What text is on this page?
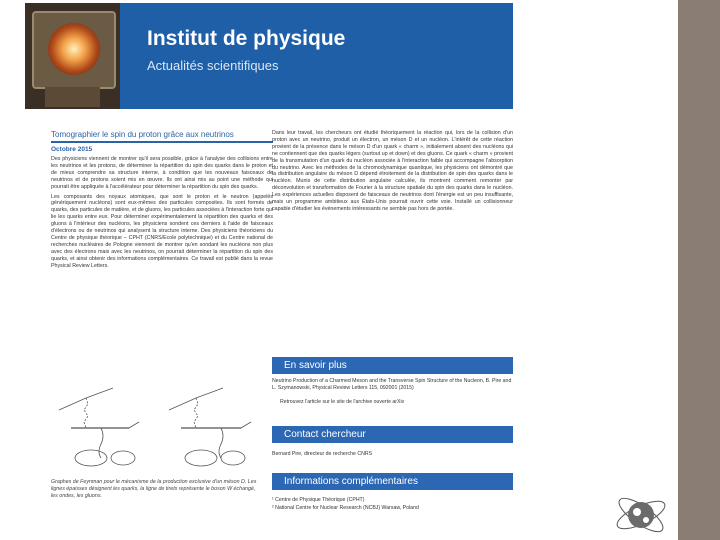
Institut de physique
Actualités scientifiques
Tomographier le spin du proton grâce aux neutrinos
Octobre 2015

Des physiciens viennent de montrer qu'il sera possible, grâce à l'analyse des collisions entre les neutrinos et les protons, de déterminer la répartition du spin des quarks dans le proton et de mieux comprendre sa structure interne, à condition que les nouveaux faisceaux de neutrinos et de protons soient mis en œuvre. Ils ont ainsi mis au point une méthode qui pourrait être appliquée à l'accélérateur pour déterminer la répartition du spin des quarks.

Les composants des noyaux atomiques, que sont le proton et le neutron (appelés génériquement nucléons) sont eux-mêmes des particules composites. Ils sont formés de quarks, des particules de matière, et de gluons, les particules associées à l'interaction forte qui lie les quarks entre eux. Pour déterminer expérimentalement la répartition des quarks et des gluons à l'intérieur des nucléons, les physiciens sondent ces derniers à l'aide de faisceaux d'électrons ou de neutrinos qui analysent la structure interne. Des physiciens théoriciens du Centre de physique théorique – CPHT (CNRS/Ecole polytechnique) et du Centre national de recherches nucléaires de Pologne viennent de montrer qu'en sondant les nucléons non plus avec des électrons mais avec les neutrinos, on pourrait déterminer la répartition du spin des quarks, et ainsi obtenir des informations complémentaires. Ce travail est publié dans la revue Physical Review Letters.

Dans leur travail, les chercheurs ont étudié théoriquement la réaction qui, lors de la collision d'un proton avec un neutrino, produit un électron, un méson D et un nucléon. L'intérêt de cette réaction provient de la présence dans le méson D d'un quark « charm », initialement absent des nucléons qui ne contiennent que des quarks légers (surtout up et down) et des gluons. Ce quark « charm » provient de la transmutation d'un quark du nucléon associée à l'interaction faible qui accompagne l'absorption du neutrino. Avec les méthodes de la chromodynamique quantique, les physiciens ont démontré que la distribution angulaire du méson D dépend étroitement de la distribution de spin des quarks dans le nucléon. Munis de cette distribution angulaire calculée, ils montrent comment remonter par déconvolution et transformation de Fourier à la structure spatiale du spin des quarks dans le nucléon. Les expériences actuelles disposent de faisceaux de neutrinos dont l'énergie est un peu insuffisante, mais un programme ambitieux aux États-Unis pourrait ouvrir cette voie. Installé un collisionneur capable d'étudier les événements intéressants ne semble pas hors de portée.

En savoir plus
Neutrino Production of a Charmed Meson and the Transverse Spin Structure of the Nucleon, B. Pire and L. Szymanowski, Physical Review Letters 115, 092001 (2015)
Retrouvez l'article sur le site de l'archive ouverte arXiv
Contact chercheur
Bernard Pire, directeur de recherche CNRS
Informations complémentaires
¹ Centre de Physique Théorique (CPHT)
² National Centre for Nuclear Research (NCBJ) Warsaw, Poland
Graphes de Feynman pour le mécanisme de la production exclusive d'un méson D. Les lignes épaisses désignent les quarks, la ligne de tirets représente le boson W échangé, les ondes, les gluons.
